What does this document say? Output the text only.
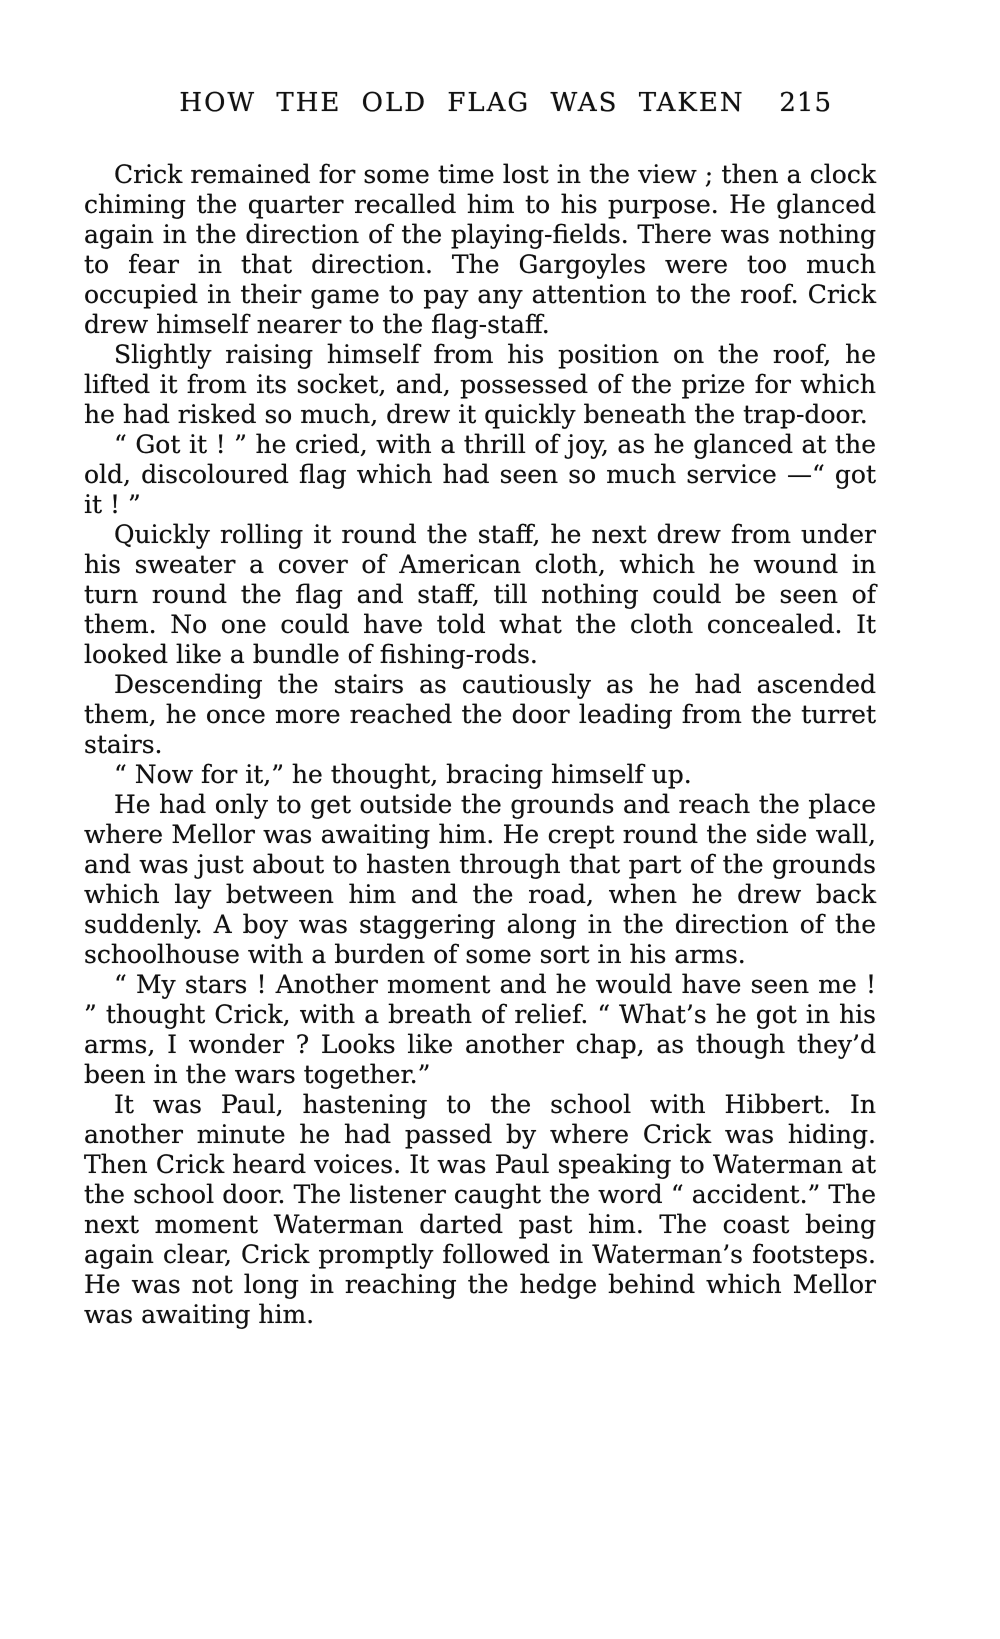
HOW THE OLD FLAG WAS TAKEN 215

Crick remained for some time lost in the view ; then a clock chiming the quarter recalled him to his purpose. He glanced again in the direction of the playing-fields. There was nothing to fear in that direction. The Gargoyles were too much occupied in their game to pay any attention to the roof. Crick drew himself nearer to the flag-staff.

Slightly raising himself from his position on the roof, he lifted it from its socket, and, possessed of the prize for which he had risked so much, drew it quickly beneath the trap-door.

“ Got it ! ” he cried, with a thrill of joy, as he glanced at the old, discoloured flag which had seen so much service —“ got it ! ”

Quickly rolling it round the staff, he next drew from under his sweater a cover of American cloth, which he wound in turn round the flag and staff, till nothing could be seen of them. No one could have told what the cloth concealed. It looked like a bundle of fishing-rods.

Descending the stairs as cautiously as he had ascended them, he once more reached the door leading from the turret stairs.

“ Now for it,” he thought, bracing himself up.

He had only to get outside the grounds and reach the place where Mellor was awaiting him. He crept round the side wall, and was just about to hasten through that part of the grounds which lay between him and the road, when he drew back suddenly. A boy was staggering along in the direction of the schoolhouse with a burden of some sort in his arms.

“ My stars ! Another moment and he would have seen me ! ” thought Crick, with a breath of relief. “ What’s he got in his arms, I wonder ? Looks like another chap, as though they’d been in the wars together.”

It was Paul, hastening to the school with Hibbert. In another minute he had passed by where Crick was hiding. Then Crick heard voices. It was Paul speaking to Waterman at the school door. The listener caught the word “ accident.” The next moment Waterman darted past him. The coast being again clear, Crick promptly followed in Waterman’s footsteps. He was not long in reaching the hedge behind which Mellor was awaiting him.
